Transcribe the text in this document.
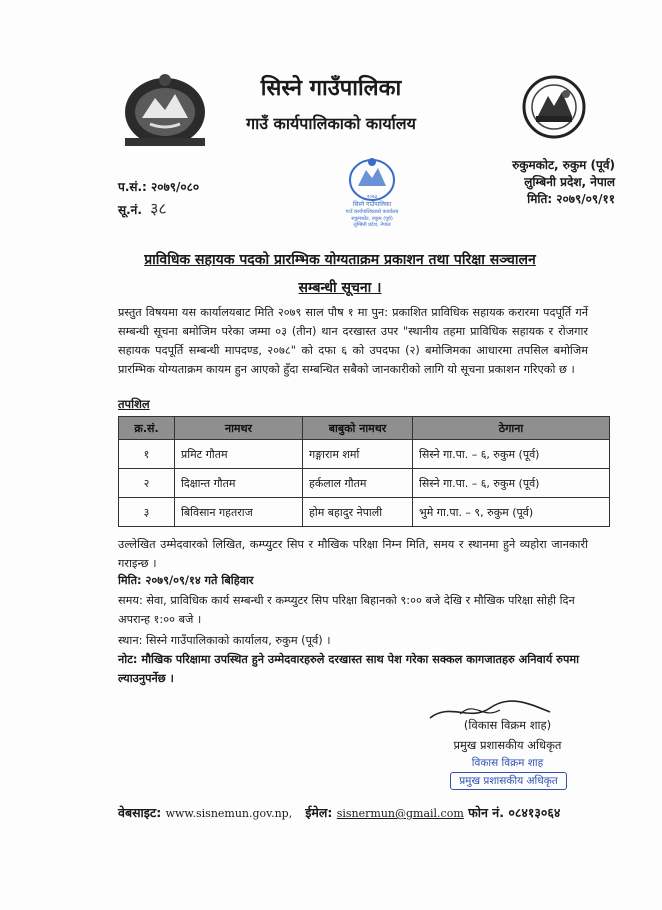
सिस्ने गाउँपालिका
गाउँ कार्यपालिकाको कार्यालय
सिस्ने गाउँपालिका
गाउँ कार्यपालिकाको कार्यालय
रुकुमकोट, रुकुम (पूर्व)
लुम्बिनी प्रदेश, नेपाल
२०७३
प.सं.: २०७९/०८०
सू.नं. ३८
रुकुमकोट, रुकुम (पूर्व)
लुम्बिनी प्रदेश, नेपाल
मिति: २०७९/०९/११
प्राविधिक सहायक पदको प्रारम्भिक योग्यताक्रम प्रकाशन तथा परिक्षा सञ्चालन
सम्बन्धी सूचना ।
प्रस्तुत विषयमा यस कार्यालयबाट मिति २०७९ साल पौष १ मा पुन: प्रकाशित प्राविधिक सहायक करारमा पदपूर्ति गर्ने सम्बन्धी सूचना बमोजिम परेका जम्मा ०३ (तीन) थान दरखास्त उपर "स्थानीय तहमा प्राविधिक सहायक र रोजगार सहायक पदपूर्ति सम्बन्धी मापदण्ड, २०७८" को दफा ६ को उपदफा (२) बमोजिमका आधारमा तपसिल बमोजिम प्रारम्भिक योग्यताक्रम कायम हुन आएको हुँदा सम्बन्धित सबैको जानकारीको लागि यो सूचना प्रकाशन गरिएको छ ।
तपशिल
क्र.सं.	नामथर	बाबुको नामथर	ठेगाना
१	प्रमिट गौतम	गङ्गाराम शर्मा	सिस्ने गा.पा. – ६, रुकुम (पूर्व)
२	दिक्षान्त गौतम	हर्कलाल गौतम	सिस्ने गा.पा. – ६, रुकुम (पूर्व)
३	बिविसान गहतराज	होम बहादुर नेपाली	भुमे गा.पा. – ९, रुकुम (पूर्व)
उल्लेखित उम्मेदवारको लिखित, कम्प्युटर सिप र मौखिक परिक्षा निम्न मिति, समय र स्थानमा हुने व्यहोरा जानकारी गराइन्छ ।
मिति: २०७९/०९/१४ गते बिहिवार
समय: सेवा, प्राविधिक कार्य सम्बन्धी र कम्प्युटर सिप परिक्षा बिहानको ९:०० बजे देखि र मौखिक परिक्षा सोही दिन अपरान्ह १:०० बजे ।
स्थान: सिस्ने गाउँपालिकाको कार्यालय, रुकुम (पूर्व) ।
नोट: मौखिक परिक्षामा उपस्थित हुने उम्मेदवारहरुले दरखास्त साथ पेश गरेका सक्कल कागजातहरु अनिवार्य रुपमा ल्याउनुपर्नेछ ।
(विकास विक्रम शाह)
प्रमुख प्रशासकीय अधिकृत
विकास विक्रम शाह
प्रमुख प्रशासकीय अधिकृत
वेबसाइट: www.sisnemun.gov.np, ईमेल: sisnermun@gmail.com फोन नं. ०८४१३०६४
